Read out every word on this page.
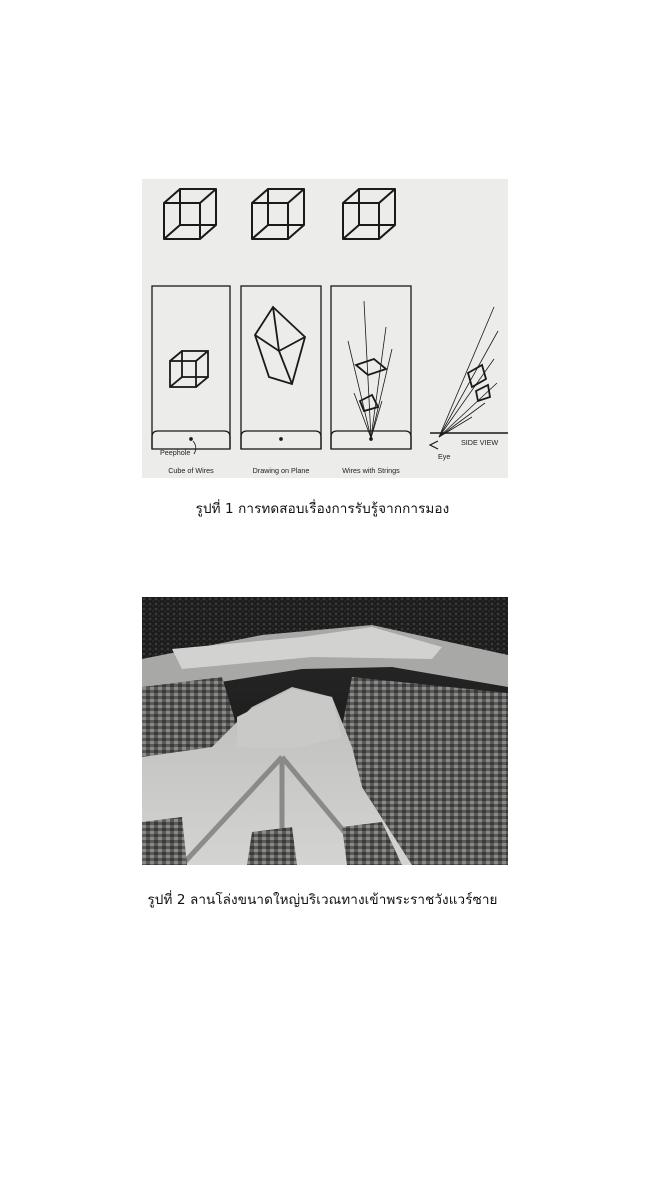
Peephole
Cube of Wires	Drawing on Plane	Wires with Strings
SIDE VIEW
Eye
รูปที่ 1 การทดสอบเรื่องการรับรู้จากการมอง
รูปที่ 2 ลานโล่งขนาดใหญ่บริเวณทางเข้าพระราชวังแวร์ซาย
